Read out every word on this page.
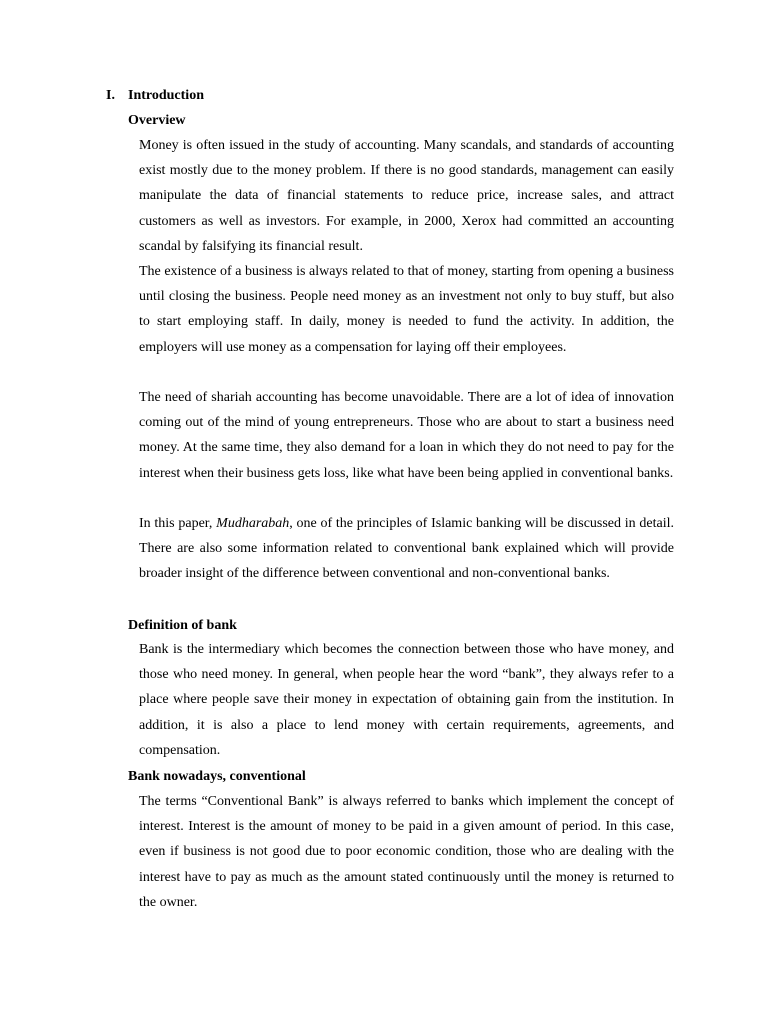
I. Introduction
Overview

Money is often issued in the study of accounting. Many scandals, and standards of accounting exist mostly due to the money problem. If there is no good standards, management can easily manipulate the data of financial statements to reduce price, increase sales, and attract customers as well as investors. For example, in 2000, Xerox had committed an accounting scandal by falsifying its financial result.

The existence of a business is always related to that of money, starting from opening a business until closing the business. People need money as an investment not only to buy stuff, but also to start employing staff. In daily, money is needed to fund the activity. In addition, the employers will use money as a compensation for laying off their employees.

The need of shariah accounting has become unavoidable. There are a lot of idea of innovation coming out of the mind of young entrepreneurs. Those who are about to start a business need money. At the same time, they also demand for a loan in which they do not need to pay for the interest when their business gets loss, like what have been being applied in conventional banks.

In this paper, Mudharabah, one of the principles of Islamic banking will be discussed in detail. There are also some information related to conventional bank explained which will provide broader insight of the difference between conventional and non-conventional banks.

Definition of bank

Bank is the intermediary which becomes the connection between those who have money, and those who need money. In general, when people hear the word “bank”, they always refer to a place where people save their money in expectation of obtaining gain from the institution. In addition, it is also a place to lend money with certain requirements, agreements, and compensation.

Bank nowadays, conventional

The terms “Conventional Bank” is always referred to banks which implement the concept of interest. Interest is the amount of money to be paid in a given amount of period. In this case, even if business is not good due to poor economic condition, those who are dealing with the interest have to pay as much as the amount stated continuously until the money is returned to the owner.
